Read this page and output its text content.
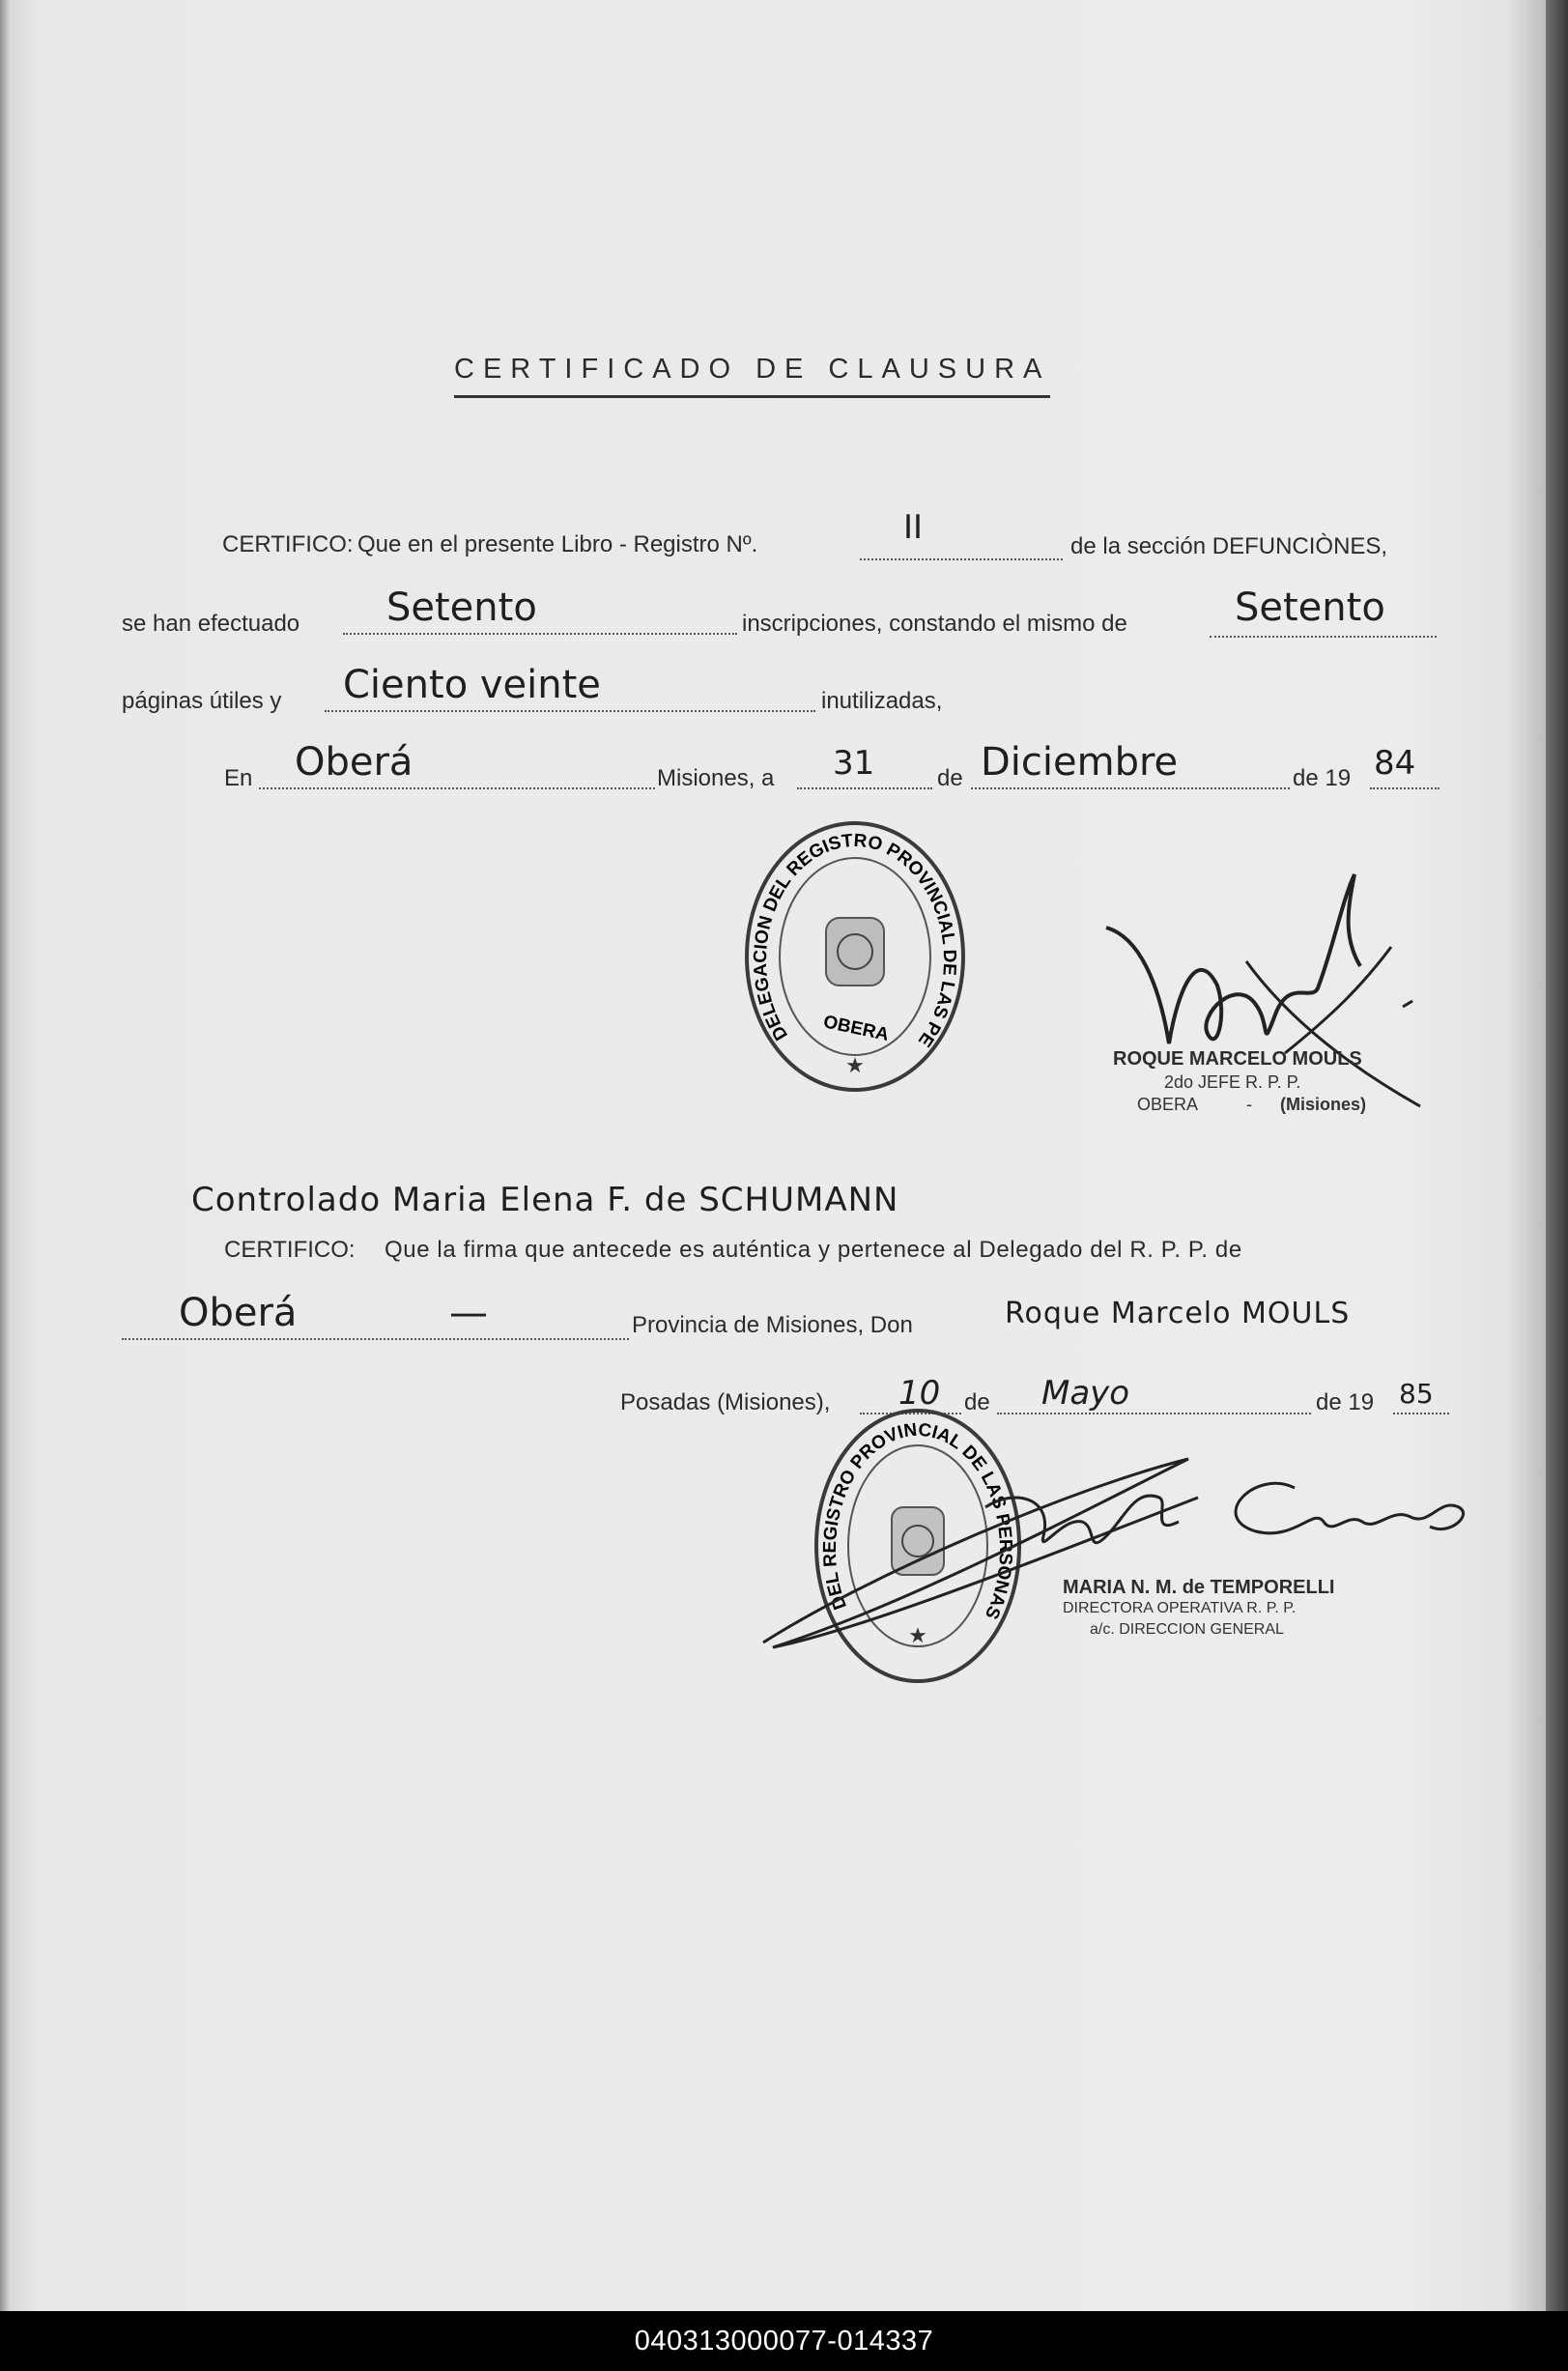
CERTIFICADO DE CLAUSURA
CERTIFICO: Que en el presente Libro - Registro Nº.	II	de la sección DEFUNCIÒNES,
se han efectuado Setento	inscripciones, constando el mismo de	Setento
páginas útiles y Ciento veinte	inutilizadas,
En Oberá	Misiones, a 31	de Diciembre	de 19 84
DELEGACION DEL REGISTRO PROVINCIAL DE LAS PERSONAS
OBERA
★	ROQUE MARCELO MOULS
2do JEFE R. P. P.
OBERA	- (Misiones)
Controlado Maria Elena F. de SCHUMANN
CERTIFICO: Que la firma que antecede es auténtica y pertenece al Delegado del R. P. P. de
Oberá	—	Provincia de Misiones, Don	Roque Marcelo MOULS
Posadas (Misiones), 10 de Mayo	de 19 85
DEL REGISTRO PROVINCIAL DE LAS PERSONAS
★
MARIA N. M. de TEMPORELLI
DIRECTORA OPERATIVA R. P. P.
a/c. DIRECCION GENERAL
040313000077-014337
